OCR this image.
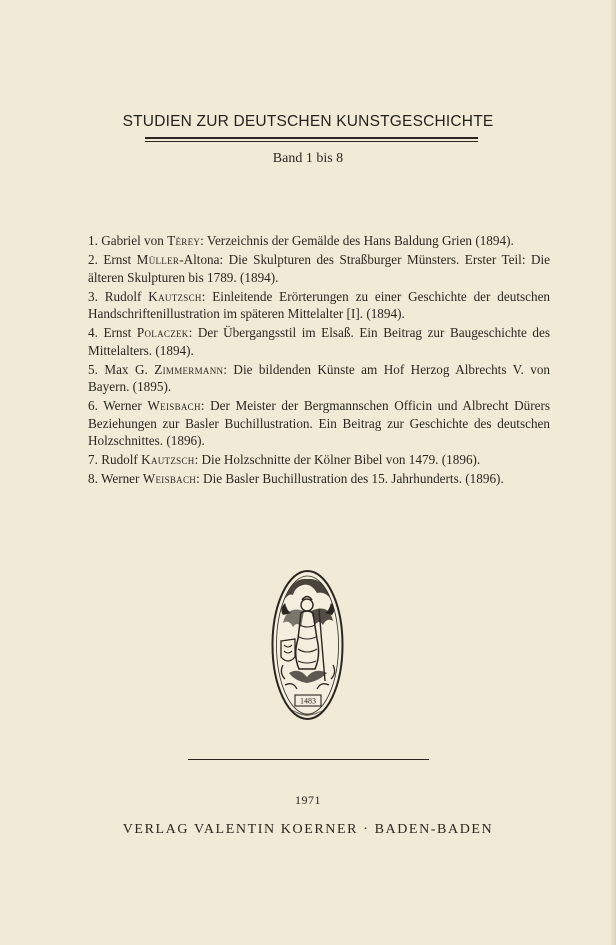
STUDIEN ZUR DEUTSCHEN KUNSTGESCHICHTE
Band 1 bis 8
1. Gabriel von Térey: Verzeichnis der Gemälde des Hans Baldung Grien (1894).
2. Ernst Müller-Altona: Die Skulpturen des Straßburger Münsters. Erster Teil: Die älteren Skulpturen bis 1789. (1894).
3. Rudolf Kautzsch: Einleitende Erörterungen zu einer Geschichte der deutschen Handschriftenillustration im späteren Mittelalter [I]. (1894).
4. Ernst Polaczek: Der Übergangsstil im Elsaß. Ein Beitrag zur Baugeschichte des Mittelalters. (1894).
5. Max G. Zimmermann: Die bildenden Künste am Hof Herzog Albrechts V. von Bayern. (1895).
6. Werner Weisbach: Der Meister der Bergmannschen Officin und Albrecht Dürers Beziehungen zur Basler Buchillustration. Ein Beitrag zur Geschichte des deutschen Holzschnittes. (1896).
7. Rudolf Kautzsch: Die Holzschnitte der Kölner Bibel von 1479. (1896).
8. Werner Weisbach: Die Basler Buchillustration des 15. Jahrhunderts. (1896).
1483
1971
VERLAG VALENTIN KOERNER · BADEN-BADEN
